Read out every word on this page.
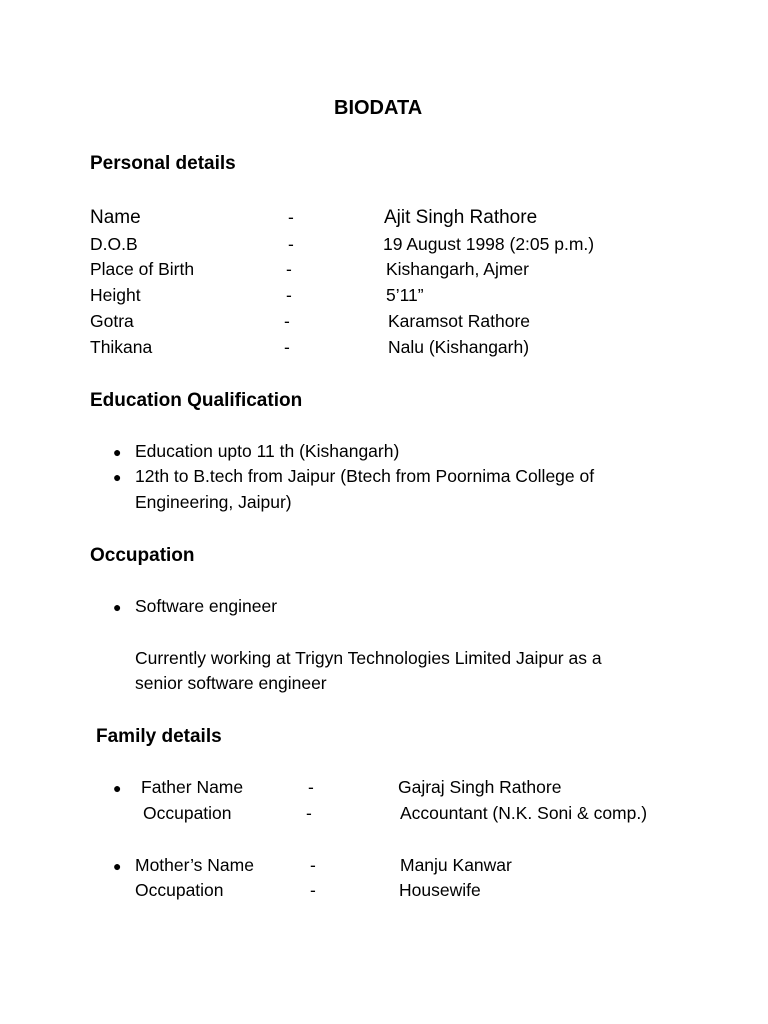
BIODATA
Personal details
Name	-	Ajit Singh Rathore
D.O.B	-	19 August 1998 (2:05 p.m.)
Place of Birth	-	Kishangarh, Ajmer
Height	-	5’11”
Gotra	-	Karamsot Rathore
Thikana	-	Nalu (Kishangarh)
Education Qualification
● Education upto 11 th (Kishangarh)
● 12th to B.tech from Jaipur (Btech from Poornima College of
Engineering, Jaipur)
Occupation
● Software engineer
Currently working at Trigyn Technologies Limited Jaipur as a
senior software engineer
Family details
● Father Name	-	Gajraj Singh Rathore
Occupation	-	Accountant (N.K. Soni & comp.)
● Mother’s Name	-	Manju Kanwar
Occupation	-	Housewife
